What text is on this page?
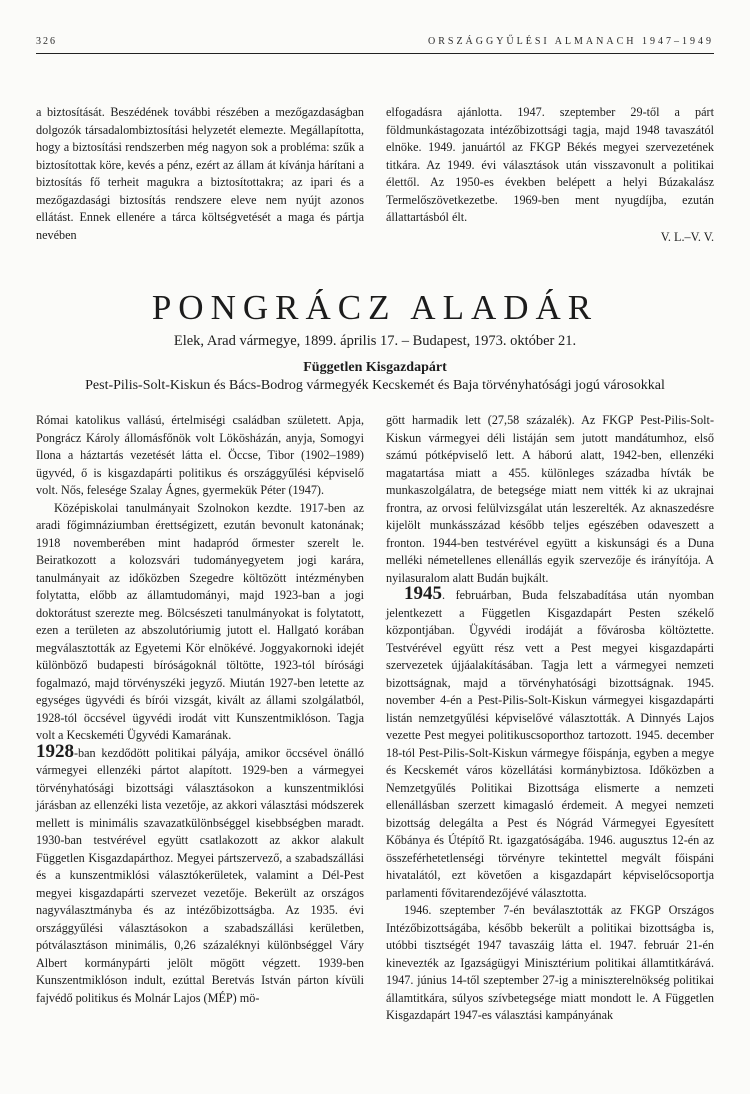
326	ORSZÁGGYŰLÉSI ALMANACH 1947–1949

a biztosítását. Beszédének további részében a mezőgazdaságban dolgozók társadalombiztosítási helyzetét elemezte. Megállapította, hogy a biztosítási rendszerben még nagyon sok a probléma: szűk a biztosítottak köre, kevés a pénz, ezért az állam át kívánja hárítani a biztosítás fő terheit magukra a biztosítottakra; az ipari és a mezőgazdasági biztosítás rendszere eleve nem nyújt azonos ellátást. Ennek ellenére a tárca költségvetését a maga és pártja nevében

elfogadásra ajánlotta. 1947. szeptember 29-től a párt földmunkástagozata intézőbizottsági tagja, majd 1948 tavaszától elnöke. 1949. januártól az FKGP Békés megyei szervezetének titkára. Az 1949. évi választások után visszavonult a politikai élettől. Az 1950-es években belépett a helyi Búzakalász Termelőszövetkezetbe. 1969-ben ment nyugdíjba, ezután állattartásból élt.

V. L.–V. V.
PONGRÁCZ ALADÁR
Elek, Arad vármegye, 1899. április 17. – Budapest, 1973. október 21.
Független Kisgazdapárt
Pest-Pilis-Solt-Kiskun és Bács-Bodrog vármegyék Kecskemét és Baja törvényhatósági jogú városokkal

Római katolikus vallású, értelmiségi családban született. Apja, Pongrácz Károly állomásfőnök volt Lökösházán, anyja, Somogyi Ilona a háztartás vezetését látta el. Öccse, Tibor (1902–1989) ügyvéd, ő is kisgazdapárti politikus és országgyűlési képviselő volt. Nős, felesége Szalay Ágnes, gyermekük Péter (1947).

Középiskolai tanulmányait Szolnokon kezdte. 1917-ben az aradi főgimnáziumban érettségizett, ezután bevonult katonának; 1918 novemberében mint hadapród őrmester szerelt le. Beiratkozott a kolozsvári tudományegyetem jogi karára, tanulmányait az időközben Szegedre költözött intézményben folytatta, előbb az államtudományi, majd 1923-ban a jogi doktorátust szerezte meg. Bölcsészeti tanulmányokat is folytatott, ezen a területen az abszolutóriumig jutott el. Hallgató korában megválasztották az Egyetemi Kör elnökévé. Joggyakornoki idejét különböző budapesti bíróságoknál töltötte, 1923-tól bírósági fogalmazó, majd törvényszéki jegyző. Miután 1927-ben letette az egységes ügyvédi és bírói vizsgát, kivált az állami szolgálatból, 1928-tól öccsével ügyvédi irodát vitt Kunszentmiklóson. Tagja volt a Kecskeméti Ügyvédi Kamarának.

1928-ban kezdődött politikai pályája, amikor öccsével önálló vármegyei ellenzéki pártot alapított. 1929-ben a vármegyei törvényhatósági bizottsági választásokon a kunszentmiklósi járásban az ellenzéki lista vezetője, az akkori választási módszerek mellett is minimális szavazatkülönbséggel kisebbségben maradt. 1930-ban testvérével együtt csatlakozott az akkor alakult Független Kisgazdapárthoz. Megyei pártszervező, a szabadszállási és a kunszentmiklósi választókerületek, valamint a Dél-Pest megyei kisgazdapárti szervezet vezetője. Bekerült az országos nagyválasztmányba és az intézőbizottságba. Az 1935. évi országgyűlési választásokon a szabadszállási kerületben, pótválasztáson minimális, 0,26 százaléknyi különbséggel Váry Albert kormánypárti jelölt mögött végzett. 1939-ben Kunszentmiklóson indult, ezúttal Beretvás István párton kívüli fajvédő politikus és Molnár Lajos (MÉP) mö-

gött harmadik lett (27,58 százalék). Az FKGP Pest-Pilis-Solt-Kiskun vármegyei déli listáján sem jutott mandátumhoz, első számú pótképviselő lett. A háború alatt, 1942-ben, ellenzéki magatartása miatt a 455. különleges századba hívták be munkaszolgálatra, de betegsége miatt nem vitték ki az ukrajnai frontra, az orvosi felülvizsgálat után leszerelték. Az aknaszedésre kijelölt munkásszázad később teljes egészében odaveszett a fronton. 1944-ben testvérével együtt a kiskunsági és a Duna melléki németellenes ellenállás egyik szervezője és irányítója. A nyilasuralom alatt Budán bujkált.

1945. februárban, Buda felszabadítása után nyomban jelentkezett a Független Kisgazdapárt Pesten székelő központjában. Ügyvédi irodáját a fővárosba költöztette. Testvérével együtt rész vett a Pest megyei kisgazdapárti szervezetek újjáalakításában. Tagja lett a vármegyei nemzeti bizottságnak, majd a törvényhatósági bizottságnak. 1945. november 4-én a Pest-Pilis-Solt-Kiskun vármegyei kisgazdapárti listán nemzetgyűlési képviselővé választották. A Dinnyés Lajos vezette Pest megyei politikuscsoporthoz tartozott. 1945. december 18-tól Pest-Pilis-Solt-Kiskun vármegye főispánja, egyben a megye és Kecskemét város közellátási kormánybiztosa. Időközben a Nemzetgyűlés Politikai Bizottsága elismerte a nemzeti ellenállásban szerzett kimagasló érdemeit. A megyei nemzeti bizottság delegálta a Pest és Nógrád Vármegyei Egyesített Kőbánya és Útépítő Rt. igazgatóságába. 1946. augusztus 12-én az összeférhetetlenségi törvényre tekintettel megvált főispáni hivatalától, ezt követően a kisgazdapárt képviselőcsoportja parlamenti fővitarendezőjévé választotta.

1946. szeptember 7-én beválasztották az FKGP Országos Intézőbizottságába, később bekerült a politikai bizottságba is, utóbbi tisztségét 1947 tavaszáig látta el. 1947. február 21-én kinevezték az Igazságügyi Minisztérium politikai államtitkárává. 1947. június 14-től szeptember 27-ig a miniszterelnökség politikai államtitkára, súlyos szívbetegsége miatt mondott le. A Független Kisgazdapárt 1947-es választási kampányának
